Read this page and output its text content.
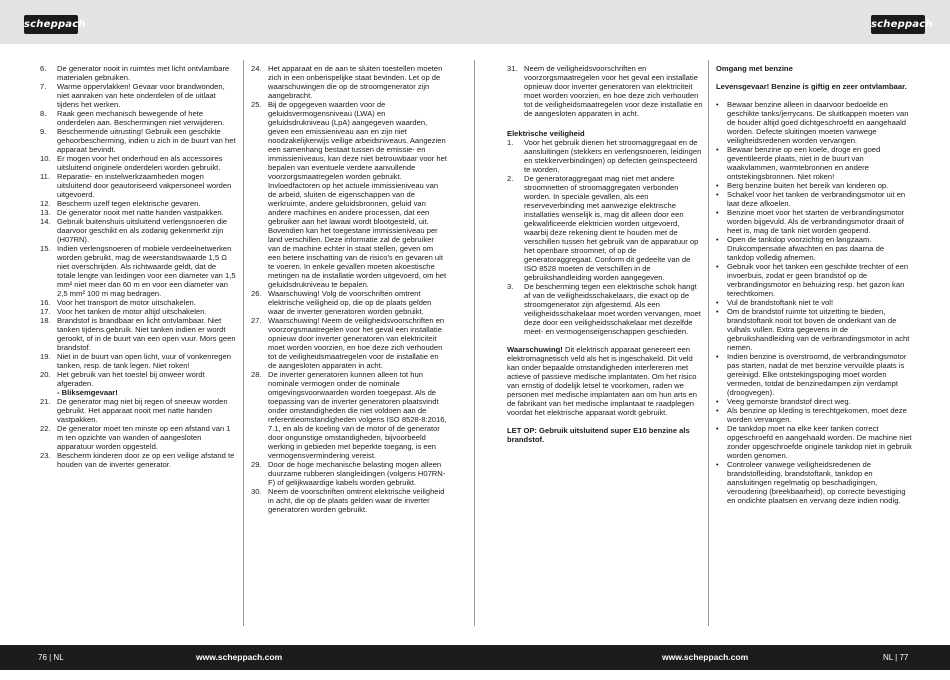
scheppach	scheppach
6.	De generator nooit in ruimtes met licht ontvlambare materialen gebruiken.
7.	Warme oppervlakken! Gevaar voor brandwonden, niet aanraken van hete onderdelen of de uitlaat tijdens het werken.
8.	Raak geen mechanisch bewegende of hete onderdelen aan. Beschermingen niet verwijderen.
9.	Beschermende uitrusting! Gebruik een geschikte gehoorbescherming, indien u zich in de buurt van het apparaat bevindt.
10. Er mogen voor het onderhoud en als accessoires uitsluitend originele onderdelen worden gebruikt.
11. Reparatie- en instelwerkzaamheden mogen uitsluitend door geautoriseerd vakpersoneel worden uitgevoerd.
12. Bescherm uzelf tegen elektrische gevaren.
13. De generator nooit met natte handen vastpakken.
14. Gebruik buitenshuis uitsluitend verlengsnoeren die daarvoor geschikt en als zodanig gekenmerkt zijn (H07RN).
15. Indien verlengsnoeren of mobiele verdeelnetwerken worden gebruikt, mag de weerstandswaarde 1,5 Ω niet overschrijden. Als richtwaarde geldt, dat de totale lengte van leidingen voor een diameter van 1,5 mm² niet meer dan 60 m en voor een diameter van 2,5 mm² 100 m mag bedragen.
16. Voor het transport de motor uitschakelen.
17. Voor het tanken de motor altijd uitschakelen.
18. Brandstof is brandbaar en licht ontvlambaar. Niet tanken tijdens gebruik. Niet tanken indien er wordt gerookt, of in de buurt van een open vuur. Mors geen brandstof.
19. Niet in de buurt van open licht, vuur of vonkenregen tanken, resp. de tank legen. Niet roken!
20. Het gebruik van het toestel bij onweer wordt afgeraden.
- Bliksemgevaar!
21. De generator mag niet bij regen of sneeuw worden gebruikt. Het apparaat nooit met natte handen vastpakken.
22. De generator moet ten minste op een afstand van 1 m ten opzichte van wanden of aangesloten apparatuur worden opgesteld.
23. Bescherm kinderen door ze op een veilige afstand te houden van de inverter generator.
24. Het apparaat en de aan te sluiten toestellen moeten zich in een onberispelijke staat bevinden. Let op de waarschuwingen die op de stroomgenerator zijn aangebracht.
25. Bij de opgegeven waarden voor de geluidsvermogensniveau (LWA) en geluidsdrukniveau (LpA) aangegeven waarden, geven een emissieniveau aan en zijn niet noodzakelijkerwijs veilige arbeidsniveaus. Aangezien een samenhang bestaat tussen de emissie- en immissieniveaus, kan deze niet betrouwbaar voor het bepalen van eventuele verdere aanvullende voorzorgsmaatregelen worden gebruikt. Invloedfactoren op het actuele immissieniveau van de arbeid, sluiten de eigenschappen van de werkruimte, andere geluidsbronnen, geluid van andere machines en andere processen, dat een gebruiker aan het lawaai wordt blootgesteld, uit. Bovendien kan het toegestane immissieniveau per land verschillen. Deze informatie zal de gebruiker van de machine echter in staat stellen, geven om een betere inschatting van de risico's en gevaren uit te voeren. In enkele gevallen moeten akoestische metingen na de installatie worden uitgevoerd, om het geluidsdrukniveau te bepalen.
26. Waarschuwing! Volg de voorschriften omtrent elektrische veiligheid op, die op de plaats gelden waar de inverter generatoren worden gebruikt.
27. Waarschuwing! Neem de veiligheidsvoorschriften en voorzorgsmaatregelen voor het geval een installatie opnieuw door inverter generatoren van elektriciteit moet worden voorzien, en hoe deze zich verhouden tot de veiligheidsmaatregelen voor de installatie en de aangesloten apparaten in acht.
28. De inverter generatoren kunnen alleen tot hun nominale vermogen onder de nominale omgevingsvoorwaarden worden toegepast. Als de toepassing van de inverter generatoren plaatsvindt onder omstandigheden die niet voldoen aan de referentieomstandigheden volgens ISO 8528-8:2016, 7.1, en als de koeling van de motor of de generator door ongunstige omstandigheden, bijvoorbeeld werking in gebieden met beperkte toegang, is een vermogensvermindering vereist.
29. Door de hoge mechanische belasting mogen alleen duurzame rubberen slangleidingen (volgens H07RN-F) of gelijkwaardige kabels worden gebruikt.
30. Neem de voorschriften omtrent elektrische veiligheid in acht, die op de plaats gelden waar de inverter generatoren worden gebruikt.
31. Neem de veiligheidsvoorschriften en voorzorgsmaatregelen voor het geval een installatie opnieuw door inverter generatoren van elektriciteit moet worden voorzien, en hoe deze zich verhouden tot de veiligheidsmaatregelen voor deze installatie en de aangesloten apparaten in acht.
Elektrische veiligheid
1.	Voor het gebruik dienen het stroomaggregaat en de aansluitingen (stekkers en verlengsnoeren, leidingen en stekkerverbindingen) op defecten geïnspecteerd te worden.
2.	De generatoraggregaat mag niet met andere stroomnetten of stroomaggregaten verbonden worden. In speciale gevallen, als een reserveverbinding met aanwezige elektrische installaties wenselijk is, mag dit alleen door een gekwalificeerde elektricien worden uitgevoerd, waarbij deze rekening dient te houden met de verschillen tussen het gebruik van de apparatuur op het openbare stroomnet, of op de generatoraggregaat. Conform dit gedeelte van de ISO 8528 moeten de verschillen in de gebruikshandleiding worden aangegeven.
3.	De bescherming tegen een elektrische schok hangt af van de veiligheidsschakelaars, die exact op de stroomgenerator zijn afgestemd. Als een veiligheidsschakelaar moet worden vervangen, moet deze door een veiligheidsschakelaar met dezelfde meet- en vermogenseigenschappen geschieden.

Waarschuwing! Dit elektrisch apparaat genereert een elektromagnetisch veld als het is ingeschakeld. Dit veld kan onder bepaalde omstandigheden interfereren met actieve of passieve medische implantaten. Om het risico van ernstig of dodelijk letsel te voorkomen, raden we personen met medische implantaten aan om hun arts en de fabrikant van het medische implantaat te raadplegen voordat het elektrische apparaat wordt gebruikt.

LET OP: Gebruik uitsluitend super E10 benzine als brandstof.

Omgang met benzine

Levensgevaar! Benzine is giftig en zeer ontvlambaar.

•	Bewaar benzine alleen in daarvoor bedoelde en geschikte tanks/jerrycans. De sluitkappen moeten van de houder altijd goed dichtgeschroefd en aangehaald worden. Defecte sluitingen moeten vanwege veiligheidsredenen worden vervangen.
•	Bewaar benzine op een koele, droge en goed geventileerde plaats, niet in de buurt van waakvlammen, warmtebronnen en andere ontstekingsbronnen. Niet roken!
•	Berg benzine buiten het bereik van kinderen op.
•	Schakel voor het tanken de verbrandingsmotor uit en laat deze afkoelen.
•	Benzine moet voor het starten de verbrandingsmotor worden bijgevuld. Als de verbrandingsmotor draait of heet is, mag de tank niet worden geopend.
•	Open de tankdop voorzichtig en langzaam. Drukcompensatie afwachten en pas daarna de tankdop volledig afnemen.
•	Gebruik voor het tanken een geschikte trechter of een invoerbuis, zodat er geen brandstof op de verbrandingsmotor en behuizing resp. het gazon kan terechtkomen.
•	Vul de brandstoftank niet te vol!
•	Om de brandstof ruimte tot uitzetting te bieden, brandstoftank nooit tot boven de onderkant van de vulhals vullen. Extra gegevens in de gebruikshandleiding van de verbrandingsmotor in acht nemen.
•	Indien benzine is overstroomd, de verbrandingsmotor pas starten, nadat de met benzine vervuilde plaats is gereinigd. Elke ontstekingspoging moet worden vermeden, totdat de benzinedampen zijn verdampt (droogvegen).
•	Veeg gemorste brandstof direct weg.
•	Als benzine op kleding is terechtgekomen, moet deze worden vervangen.
•	De tankdop moet na elke keer tanken correct opgeschroefd en aangehaald worden. De machine niet zonder opgeschroefde originele tankdop niet in gebruik worden genomen.
•	Controleer vanwege veiligheidsredenen de brandstofleiding, brandstoftank, tankdop en aansluitingen regelmatig op beschadigingen, veroudering (breekbaarheid), op correcte bevestiging en ondichte plaatsen en vervang deze indien nodig.
76 | NL	www.scheppach.com	www.scheppach.com	NL | 77
